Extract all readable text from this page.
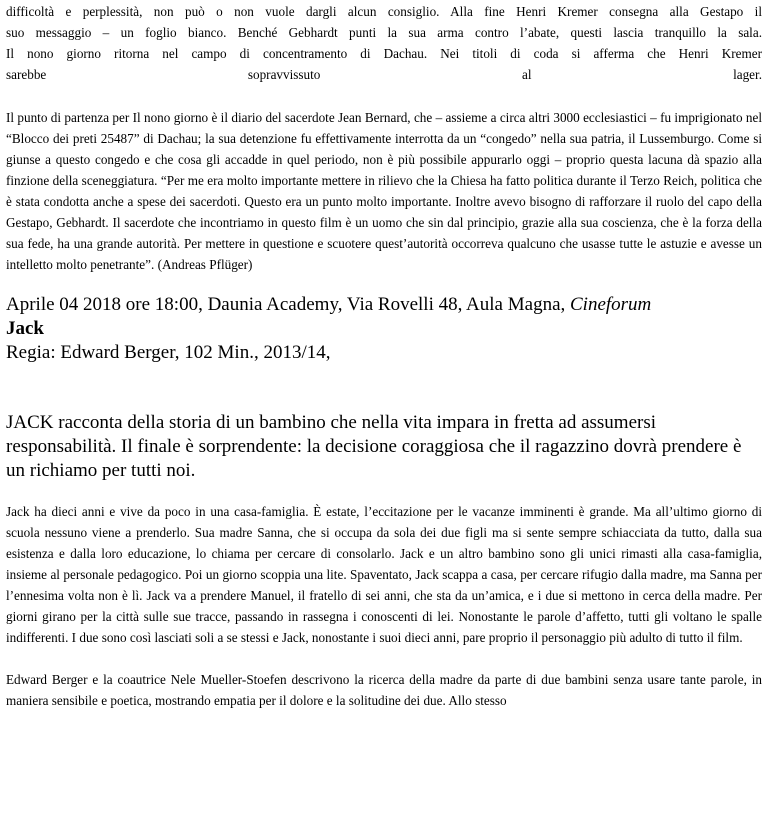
difficoltà e perplessità, non può o non vuole dargli alcun consiglio. Alla fine Henri Kremer consegna alla Gestapo il

suo messaggio – un foglio bianco. Benché Gebhardt punti la sua arma contro l’abate, questi lascia tranquillo la sala.

Il nono giorno ritorna nel campo di concentramento di Dachau. Nei titoli di coda si afferma che Henri Kremer

sarebbe sopravvissuto al lager.

Il punto di partenza per Il nono giorno è il diario del sacerdote Jean Bernard, che – assieme a circa altri 3000 ecclesiastici – fu imprigionato nel “Blocco dei preti 25487” di Dachau; la sua detenzione fu effettivamente interrotta da un “congedo” nella sua patria, il Lussemburgo. Come si giunse a questo congedo e che cosa gli accadde in quel periodo, non è più possibile appurarlo oggi – proprio questa lacuna dà spazio alla finzione della sceneggiatura. “Per me era molto importante mettere in rilievo che la Chiesa ha fatto politica durante il Terzo Reich, politica che è stata condotta anche a spese dei sacerdoti. Questo era un punto molto importante. Inoltre avevo bisogno di rafforzare il ruolo del capo della Gestapo, Gebhardt. Il sacerdote che incontriamo in questo film è un uomo che sin dal principio, grazie alla sua coscienza, che è la forza della sua fede, ha una grande autorità. Per mettere in questione e scuotere quest’autorità occorreva qualcuno che usasse tutte le astuzie e avesse un intelletto molto penetrante”. (Andreas Pflüger)

Aprile 04 2018 ore 18:00, Daunia Academy, Via Rovelli 48, Aula Magna, Cineforum

Jack

Regia: Edward Berger, 102 Min., 2013/14,

JACK racconta della storia di un bambino che nella vita impara in fretta ad assumersi responsabilità. Il finale è sorprendente: la decisione coraggiosa che il ragazzino dovrà prendere è un richiamo per tutti noi.

Jack ha dieci anni e vive da poco in una casa-famiglia. È estate, l’eccitazione per le vacanze imminenti è grande. Ma all’ultimo giorno di scuola nessuno viene a prenderlo. Sua madre Sanna, che si occupa da sola dei due figli ma si sente sempre schiacciata da tutto, dalla sua esistenza e dalla loro educazione, lo chiama per cercare di consolarlo. Jack e un altro bambino sono gli unici rimasti alla casa-famiglia, insieme al personale pedagogico. Poi un giorno scoppia una lite. Spaventato, Jack scappa a casa, per cercare rifugio dalla madre, ma Sanna per l’ennesima volta non è lì. Jack va a prendere Manuel, il fratello di sei anni, che sta da un’amica, e i due si mettono in cerca della madre. Per giorni girano per la città sulle sue tracce, passando in rassegna i conoscenti di lei. Nonostante le parole d’affetto, tutti gli voltano le spalle indifferenti. I due sono così lasciati soli a se stessi e Jack, nonostante i suoi dieci anni, pare proprio il personaggio più adulto di tutto il film.

Edward Berger e la coautrice Nele Mueller-Stoefen descrivono la ricerca della madre da parte di due bambini senza usare tante parole, in maniera sensibile e poetica, mostrando empatia per il dolore e la solitudine dei due. Allo stesso
